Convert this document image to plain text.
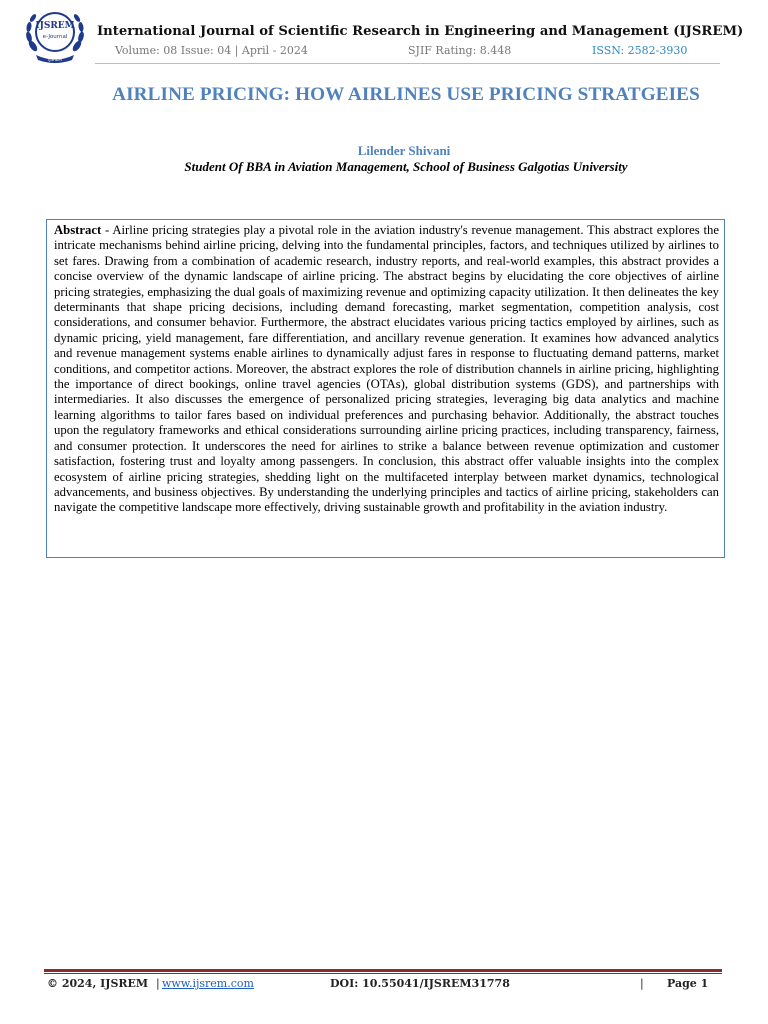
IJSREM
e-Journal
IJSREM
International Journal of Scientific Research in Engineering and Management (IJSREM)
Volume: 08 Issue: 04 | April - 2024	SJIF Rating: 8.448	ISSN: 2582-3930
AIRLINE PRICING: HOW AIRLINES USE PRICING STRATGEIES
Lilender Shivani
Student Of BBA in Aviation Management, School of Business Galgotias University
Abstract - Airline pricing strategies play a pivotal role in the aviation industry's revenue management. This abstract explores the intricate mechanisms behind airline pricing, delving into the fundamental principles, factors, and techniques utilized by airlines to set fares. Drawing from a combination of academic research, industry reports, and real-world examples, this abstract provides a concise overview of the dynamic landscape of airline pricing. The abstract begins by elucidating the core objectives of airline pricing strategies, emphasizing the dual goals of maximizing revenue and optimizing capacity utilization. It then delineates the key determinants that shape pricing decisions, including demand forecasting, market segmentation, competition analysis, cost considerations, and consumer behavior. Furthermore, the abstract elucidates various pricing tactics employed by airlines, such as dynamic pricing, yield management, fare differentiation, and ancillary revenue generation. It examines how advanced analytics and revenue management systems enable airlines to dynamically adjust fares in response to fluctuating demand patterns, market conditions, and competitor actions. Moreover, the abstract explores the role of distribution channels in airline pricing, highlighting the importance of direct bookings, online travel agencies (OTAs), global distribution systems (GDS), and partnerships with intermediaries. It also discusses the emergence of personalized pricing strategies, leveraging big data analytics and machine learning algorithms to tailor fares based on individual preferences and purchasing behavior. Additionally, the abstract touches upon the regulatory frameworks and ethical considerations surrounding airline pricing practices, including transparency, fairness, and consumer protection. It underscores the need for airlines to strike a balance between revenue optimization and customer satisfaction, fostering trust and loyalty among passengers. In conclusion, this abstract offer valuable insights into the complex ecosystem of airline pricing strategies, shedding light on the multifaceted interplay between market dynamics, technological advancements, and business objectives. By understanding the underlying principles and tactics of airline pricing, stakeholders can navigate the competitive landscape more effectively, driving sustainable growth and profitability in the aviation industry.
© 2024, IJSREM | www.ijsrem.com	DOI: 10.55041/IJSREM31778	| Page 1
